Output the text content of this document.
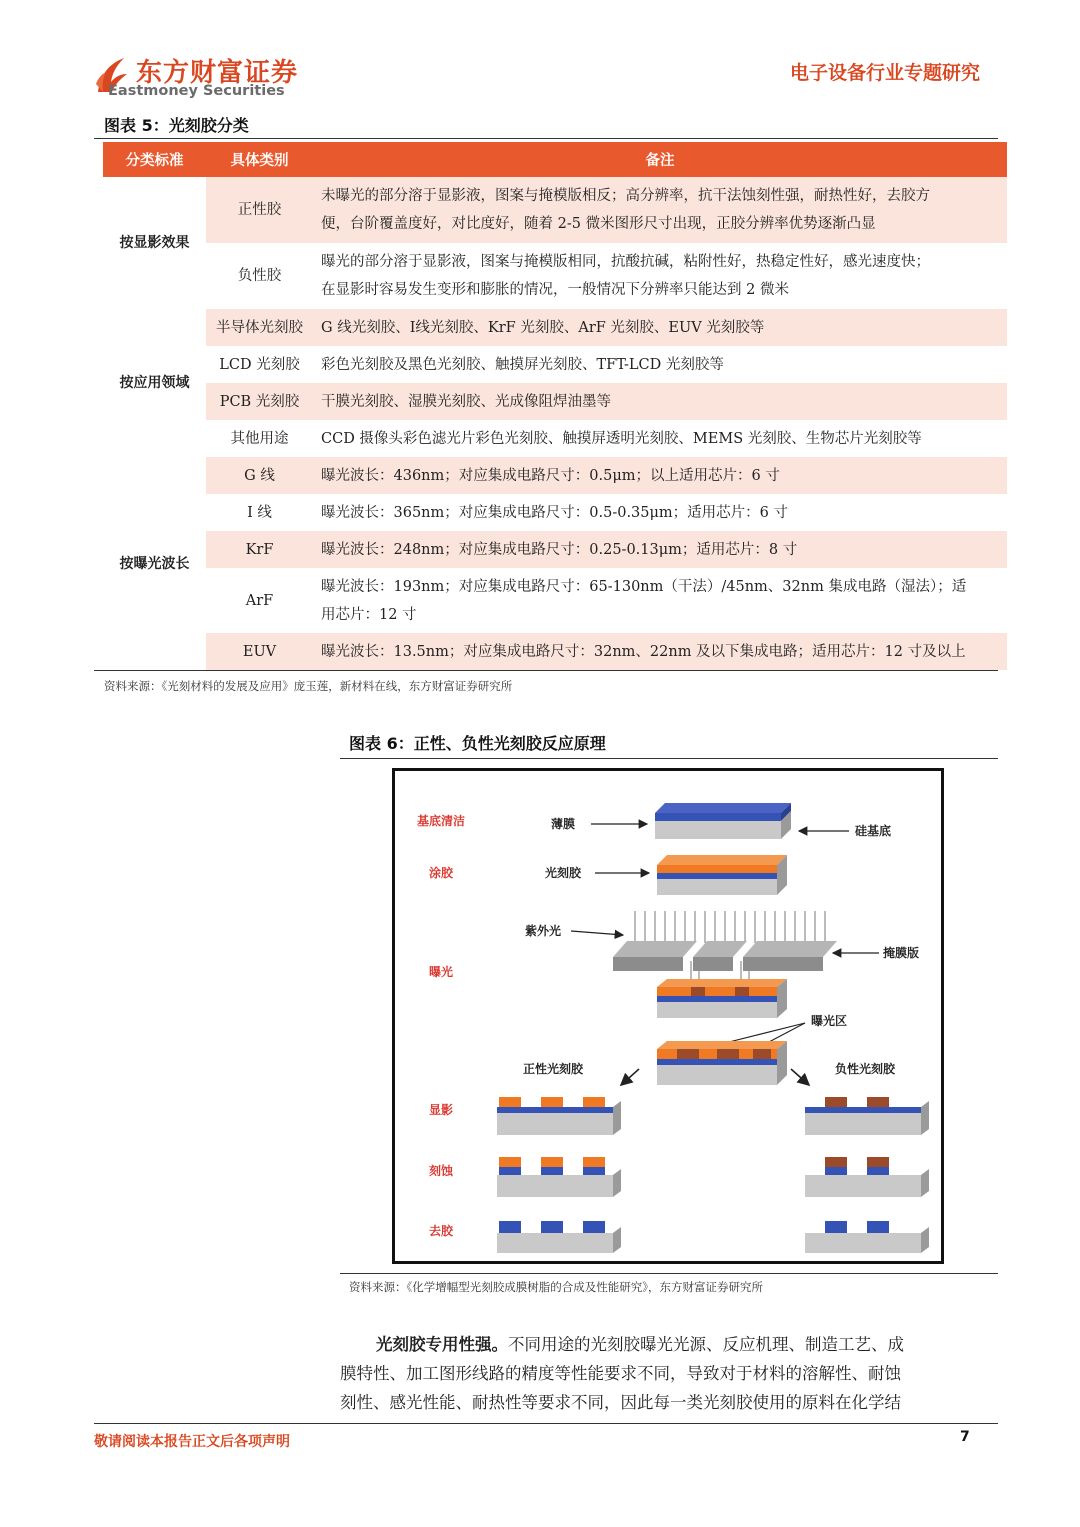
东方财富证券
Eastmoney Securities
电子设备行业专题研究
图表 5：光刻胶分类
分类标准	具体类别	备注
按显影效果	正性胶	未曝光的部分溶于显影液，图案与掩模版相反；高分辨率，抗干法蚀刻性强，耐热性好，去胶方
便，台阶覆盖度好，对比度好，随着 2-5 微米图形尺寸出现，正胶分辨率优势逐渐凸显

	负性胶	曝光的部分溶于显影液，图案与掩模版相同，抗酸抗碱，粘附性好，热稳定性好，感光速度快；
在显影时容易发生变形和膨胀的情况，一般情况下分辨率只能达到 2 微米

按应用领域	半导体光刻胶	G 线光刻胶、Ⅰ线光刻胶、KrF 光刻胶、ArF 光刻胶、EUV 光刻胶等
	LCD 光刻胶	彩色光刻胶及黑色光刻胶、触摸屏光刻胶、TFT-LCD 光刻胶等
	PCB 光刻胶	干膜光刻胶、湿膜光刻胶、光成像阻焊油墨等
	其他用途	CCD 摄像头彩色滤光片彩色光刻胶、触摸屏透明光刻胶、MEMS 光刻胶、生物芯片光刻胶等
按曝光波长	G 线	曝光波长：436nm；对应集成电路尺寸：0.5μm；以上适用芯片：6 寸
	I 线	曝光波长：365nm；对应集成电路尺寸：0.5-0.35μm；适用芯片：6 寸
	KrF	曝光波长：248nm；对应集成电路尺寸：0.25-0.13μm；适用芯片：8 寸
	ArF	曝光波长：193nm；对应集成电路尺寸：65-130nm（干法）/45nm、32nm 集成电路（湿法）；适
用芯片：12 寸

	EUV	曝光波长：13.5nm；对应集成电路尺寸：32nm、22nm 及以下集成电路；适用芯片：12 寸及以上
资料来源：《光刻材料的发展及应用》庞玉莲，新材料在线，东方财富证券研究所
图表 6：正性、负性光刻胶反应原理
基底清洁
涂胶
曝光
显影
刻蚀
去胶
薄膜	硅基底
光刻胶
紫外光
掩膜版
曝光区
正性光刻胶	负性光刻胶
资料来源：《化学增幅型光刻胶成膜树脂的合成及性能研究》，东方财富证券研究所
光刻胶专用性强。不同用途的光刻胶曝光光源、反应机理、制造工艺、成
膜特性、加工图形线路的精度等性能要求不同，导致对于材料的溶解性、耐蚀
刻性、感光性能、耐热性等要求不同，因此每一类光刻胶使用的原料在化学结
敬请阅读本报告正文后各项声明	7
